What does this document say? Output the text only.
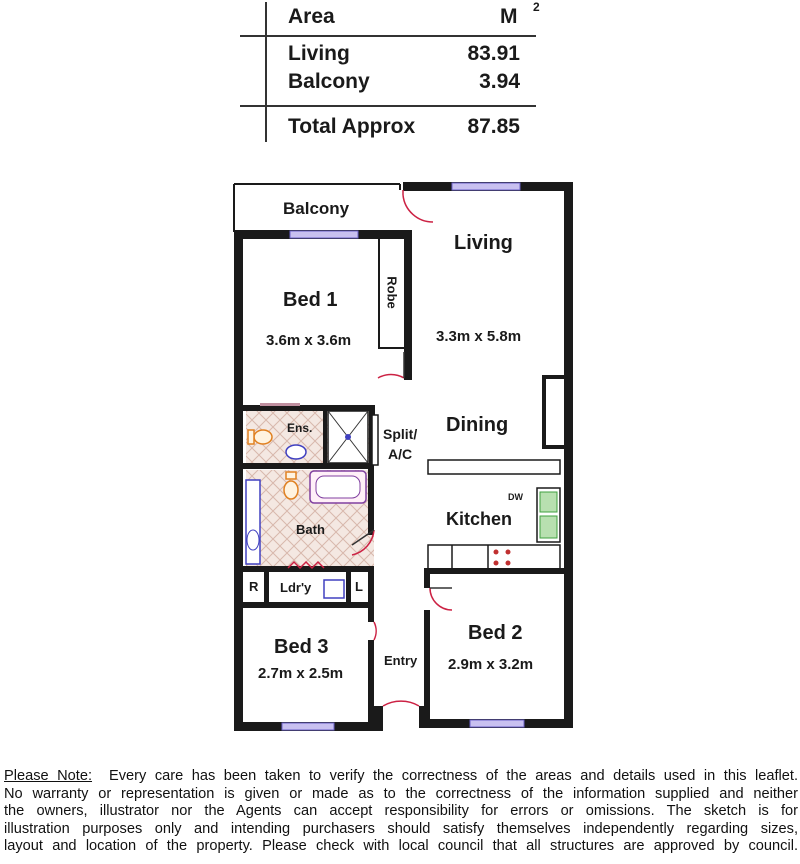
Area	M 2
Living	83.91
Balcony	3.94
Total Approx	87.85
Balcony
Living
3.3m x 5.8m
Dining
Bed 1
3.6m x 3.6m
Robe
Ens.	Split/
A/C
Bath
Kitchen
DW
Ldr'y
R	L
Bed 3
2.7m x 2.5m
Bed 2
2.9m x 3.2m
Entry

Please Note: Every care has been taken to verify the correctness of the areas and details used in this leaflet.

No warranty or representation is given or made as to the correctness of the information supplied and neither

the owners, illustrator nor the Agents can accept responsibility for errors or omissions. The sketch is for

illustration purposes only and intending purchasers should satisfy themselves independently regarding sizes,

layout and location of the property. Please check with local council that all structures are approved by council.
